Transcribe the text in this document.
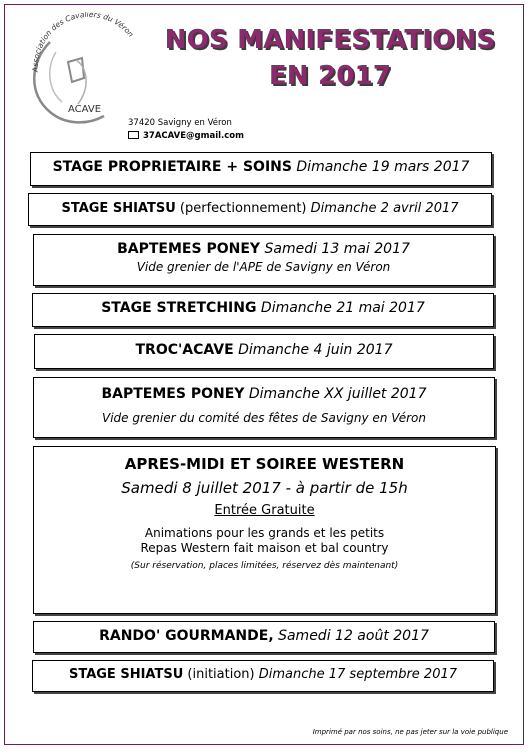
Association des Cavaliers du Véron
ACAVE
37420 Savigny en Véron
37ACAVE@gmail.com
NOS MANIFESTATIONS
EN 2017
STAGE PROPRIETAIRE + SOINS Dimanche 19 mars 2017
STAGE SHIATSU (perfectionnement) Dimanche 2 avril 2017
BAPTEMES PONEY Samedi 13 mai 2017
Vide grenier de l'APE de Savigny en Véron
STAGE STRETCHING Dimanche 21 mai 2017
TROC'ACAVE Dimanche 4 juin 2017
BAPTEMES PONEY Dimanche XX juillet 2017
Vide grenier du comité des fêtes de Savigny en Véron
APRES-MIDI ET SOIREE WESTERN
Samedi 8 juillet 2017 - à partir de 15h
Entrée Gratuite
Animations pour les grands et les petits
Repas Western fait maison et bal country
(Sur réservation, places limitées, réservez dès maintenant)
RANDO' GOURMANDE, Samedi 12 août 2017
STAGE SHIATSU (initiation) Dimanche 17 septembre 2017
Imprimé par nos soins, ne pas jeter sur la voie publique
